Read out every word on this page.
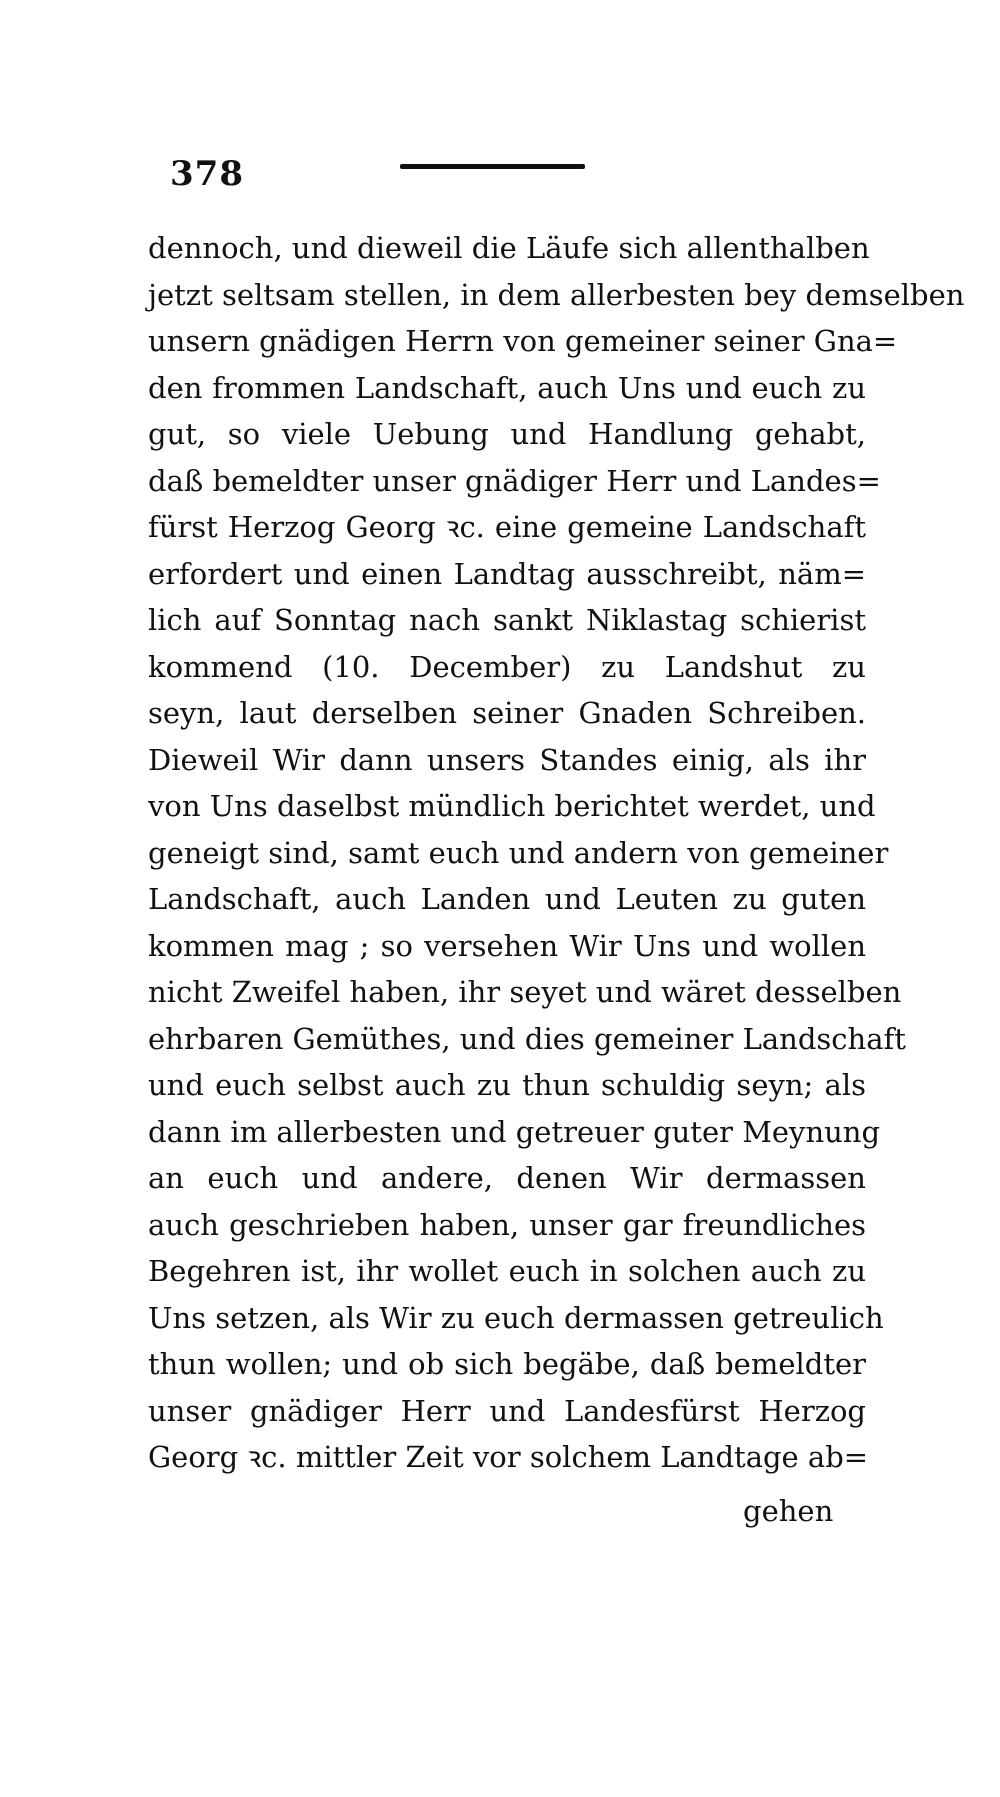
378
dennoch, und dieweil die Läufe sich allenthalben
jetzt seltsam stellen, in dem allerbesten bey demselben
unsern gnädigen Herrn von gemeiner seiner Gna=
den frommen Landschaft, auch Uns und euch zu
gut, so viele Uebung und Handlung gehabt,
daß bemeldter unser gnädiger Herr und Landes=
fürst Herzog Georg ꝛc. eine gemeine Landschaft
erfordert und einen Landtag ausschreibt, näm=
lich auf Sonntag nach sankt Niklastag schierist
kommend (10. December) zu Landshut zu
seyn, laut derselben seiner Gnaden Schreiben.
Dieweil Wir dann unsers Standes einig, als ihr
von Uns daselbst mündlich berichtet werdet, und
geneigt sind, samt euch und andern von gemeiner
Landschaft, auch Landen und Leuten zu guten
kommen mag ; so versehen Wir Uns und wollen
nicht Zweifel haben, ihr seyet und wäret desselben
ehrbaren Gemüthes, und dies gemeiner Landschaft
und euch selbst auch zu thun schuldig seyn; als
dann im allerbesten und getreuer guter Meynung
an euch und andere, denen Wir dermassen
auch geschrieben haben, unser gar freundliches
Begehren ist, ihr wollet euch in solchen auch zu
Uns setzen, als Wir zu euch dermassen getreulich
thun wollen; und ob sich begäbe, daß bemeldter
unser gnädiger Herr und Landesfürst Herzog
Georg ꝛc. mittler Zeit vor solchem Landtage ab=
gehen
